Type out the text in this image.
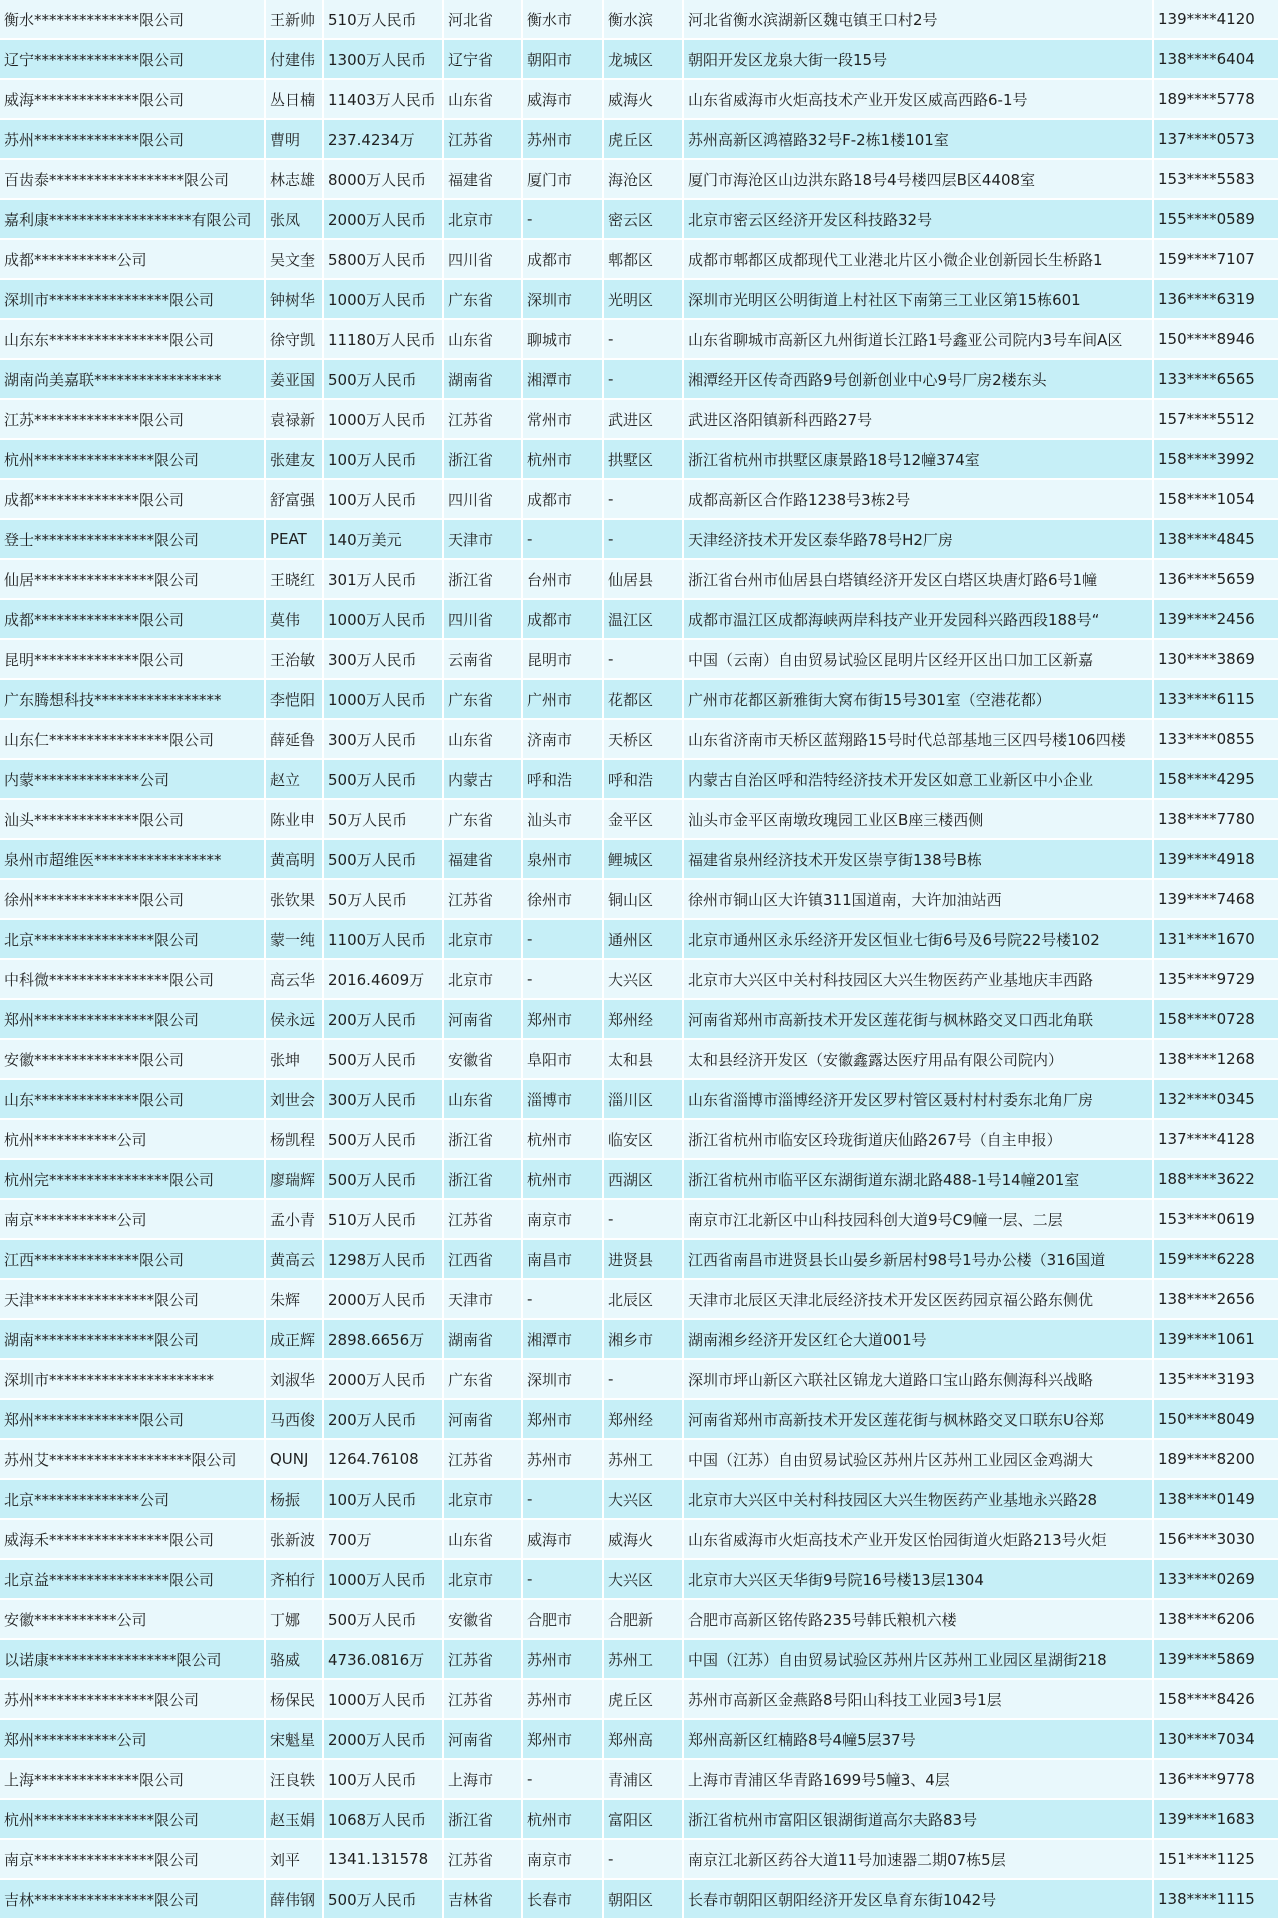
衡水**************限公司	王新帅	510万人民币	河北省	衡水市	衡水滨	河北省衡水滨湖新区魏屯镇王口村2号	139****4120
辽宁**************限公司	付建伟	1300万人民币	辽宁省	朝阳市	龙城区	朝阳开发区龙泉大街一段15号	138****6404
威海**************限公司	丛日楠	11403万人民币	山东省	威海市	威海火	山东省威海市火炬高技术产业开发区威高西路6-1号	189****5778
苏州**************限公司	曹明	237.4234万	江苏省	苏州市	虎丘区	苏州高新区鸿禧路32号F-2栋1楼101室	137****0573
百齿泰******************限公司	林志雄	8000万人民币	福建省	厦门市	海沧区	厦门市海沧区山边洪东路18号4号楼四层B区4408室	153****5583
嘉利康*******************有限公司	张凤	2000万人民币	北京市	-	密云区	北京市密云区经济开发区科技路32号	155****0589
成都***********公司	吴文奎	5800万人民币	四川省	成都市	郫都区	成都市郫都区成都现代工业港北片区小微企业创新园长生桥路1	159****7107
深圳市****************限公司	钟树华	1000万人民币	广东省	深圳市	光明区	深圳市光明区公明街道上村社区下南第三工业区第15栋601	136****6319
山东东****************限公司	徐守凯	11180万人民币	山东省	聊城市	-	山东省聊城市高新区九州街道长江路1号鑫亚公司院内3号车间A区	150****8946
湖南尚美嘉联*****************	姜亚国	500万人民币	湖南省	湘潭市	-	湘潭经开区传奇西路9号创新创业中心9号厂房2楼东头	133****6565
江苏**************限公司	袁禄新	1000万人民币	江苏省	常州市	武进区	武进区洛阳镇新科西路27号	157****5512
杭州****************限公司	张建友	100万人民币	浙江省	杭州市	拱墅区	浙江省杭州市拱墅区康景路18号12幢374室	158****3992
成都**************限公司	舒富强	100万人民币	四川省	成都市	-	成都高新区合作路1238号3栋2号	158****1054
登士****************限公司	PEAT	140万美元	天津市	-	-	天津经济技术开发区泰华路78号H2厂房	138****4845
仙居****************限公司	王晓红	301万人民币	浙江省	台州市	仙居县	浙江省台州市仙居县白塔镇经济开发区白塔区块唐灯路6号1幢	136****5659
成都**************限公司	莫伟	1000万人民币	四川省	成都市	温江区	成都市温江区成都海峡两岸科技产业开发园科兴路西段188号“	139****2456
昆明**************限公司	王治敏	300万人民币	云南省	昆明市	-	中国（云南）自由贸易试验区昆明片区经开区出口加工区新嘉	130****3869
广东腾想科技*****************	李恺阳	1000万人民币	广东省	广州市	花都区	广州市花都区新雅街大窝布街15号301室（空港花都）	133****6115
山东仁****************限公司	薛延鲁	300万人民币	山东省	济南市	天桥区	山东省济南市天桥区蓝翔路15号时代总部基地三区四号楼106四楼	133****0855
内蒙**************公司	赵立	500万人民币	内蒙古	呼和浩	呼和浩	内蒙古自治区呼和浩特经济技术开发区如意工业新区中小企业	158****4295
汕头**************限公司	陈业申	50万人民币	广东省	汕头市	金平区	汕头市金平区南墩玫瑰园工业区B座三楼西侧	138****7780
泉州市超维医*****************	黄高明	500万人民币	福建省	泉州市	鲤城区	福建省泉州经济技术开发区崇亨街138号B栋	139****4918
徐州**************限公司	张钦果	50万人民币	江苏省	徐州市	铜山区	徐州市铜山区大许镇311国道南，大许加油站西	139****7468
北京****************限公司	蒙一纯	1100万人民币	北京市	-	通州区	北京市通州区永乐经济开发区恒业七街6号及6号院22号楼102	131****1670
中科微****************限公司	高云华	2016.4609万	北京市	-	大兴区	北京市大兴区中关村科技园区大兴生物医药产业基地庆丰西路	135****9729
郑州****************限公司	侯永远	200万人民币	河南省	郑州市	郑州经	河南省郑州市高新技术开发区莲花街与枫林路交叉口西北角联	158****0728
安徽**************限公司	张坤	500万人民币	安徽省	阜阳市	太和县	太和县经济开发区（安徽鑫露达医疗用品有限公司院内）	138****1268
山东**************限公司	刘世会	300万人民币	山东省	淄博市	淄川区	山东省淄博市淄博经济开发区罗村管区聂村村村委东北角厂房	132****0345
杭州***********公司	杨凯程	500万人民币	浙江省	杭州市	临安区	浙江省杭州市临安区玲珑街道庆仙路267号（自主申报）	137****4128
杭州完****************限公司	廖瑞辉	500万人民币	浙江省	杭州市	西湖区	浙江省杭州市临平区东湖街道东湖北路488-1号14幢201室	188****3622
南京***********公司	孟小青	510万人民币	江苏省	南京市	-	南京市江北新区中山科技园科创大道9号C9幢一层、二层	153****0619
江西**************限公司	黄高云	1298万人民币	江西省	南昌市	进贤县	江西省南昌市进贤县长山晏乡新居村98号1号办公楼（316国道	159****6228
天津****************限公司	朱辉	2000万人民币	天津市	-	北辰区	天津市北辰区天津北辰经济技术开发区医药园京福公路东侧优	138****2656
湖南****************限公司	成正辉	2898.6656万	湖南省	湘潭市	湘乡市	湖南湘乡经济开发区红仑大道001号	139****1061
深圳市**********************	刘淑华	2000万人民币	广东省	深圳市	-	深圳市坪山新区六联社区锦龙大道路口宝山路东侧海科兴战略	135****3193
郑州**************限公司	马西俊	200万人民币	河南省	郑州市	郑州经	河南省郑州市高新技术开发区莲花街与枫林路交叉口联东U谷郑	150****8049
苏州艾*******************限公司	QUNJ	1264.76108	江苏省	苏州市	苏州工	中国（江苏）自由贸易试验区苏州片区苏州工业园区金鸡湖大	189****8200
北京**************公司	杨振	100万人民币	北京市	-	大兴区	北京市大兴区中关村科技园区大兴生物医药产业基地永兴路28	138****0149
威海禾****************限公司	张新波	700万	山东省	威海市	威海火	山东省威海市火炬高技术产业开发区怡园街道火炬路213号火炬	156****3030
北京益****************限公司	齐柏行	1000万人民币	北京市	-	大兴区	北京市大兴区天华街9号院16号楼13层1304	133****0269
安徽***********公司	丁娜	500万人民币	安徽省	合肥市	合肥新	合肥市高新区铭传路235号韩氏粮机六楼	138****6206
以诺康*****************限公司	骆威	4736.0816万	江苏省	苏州市	苏州工	中国（江苏）自由贸易试验区苏州片区苏州工业园区星湖街218	139****5869
苏州****************限公司	杨保民	1000万人民币	江苏省	苏州市	虎丘区	苏州市高新区金燕路8号阳山科技工业园3号1层	158****8426
郑州***********公司	宋魁星	2000万人民币	河南省	郑州市	郑州高	郑州高新区红楠路8号4幢5层37号	130****7034
上海**************限公司	汪良轶	100万人民币	上海市	-	青浦区	上海市青浦区华青路1699号5幢3、4层	136****9778
杭州****************限公司	赵玉娟	1068万人民币	浙江省	杭州市	富阳区	浙江省杭州市富阳区银湖街道高尔夫路83号	139****1683
南京****************限公司	刘平	1341.131578	江苏省	南京市	-	南京江北新区药谷大道11号加速器二期07栋5层	151****1125
吉林****************限公司	薛伟钢	500万人民币	吉林省	长春市	朝阳区	长春市朝阳区朝阳经济开发区阜育东街1042号	138****1115
